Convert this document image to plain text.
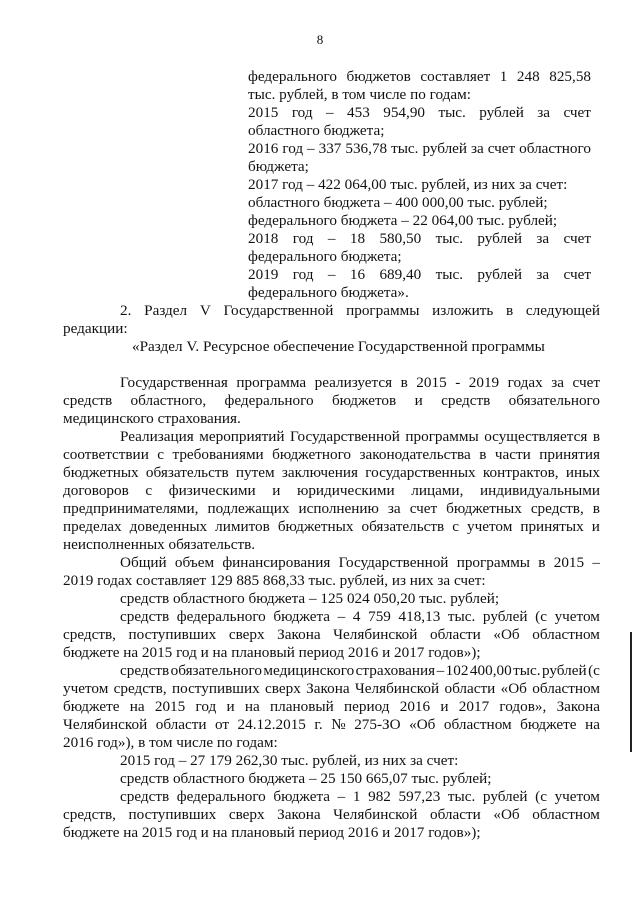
8
федерального бюджетов составляет 1 248 825,58
тыс. рублей, в том числе по годам:
2015 год – 453 954,90 тыс. рублей за счет
областного бюджета;
2016 год – 337 536,78 тыс. рублей за счет областного
бюджета;
2017 год – 422 064,00 тыс. рублей, из них за счет:
областного бюджета – 400 000,00 тыс. рублей;
федерального бюджета – 22 064,00 тыс. рублей;
2018 год – 18 580,50 тыс. рублей за счет
федерального бюджета;
2019 год – 16 689,40 тыс. рублей за счет
федерального бюджета».
2. Раздел V Государственной программы изложить в следующей
редакции:
«Раздел V. Ресурсное обеспечение Государственной программы
Государственная программа реализуется в 2015 - 2019 годах за счет
средств областного, федерального бюджетов и средств обязательного
медицинского страхования.
Реализация мероприятий Государственной программы осуществляется в
соответствии с требованиями бюджетного законодательства в части принятия
бюджетных обязательств путем заключения государственных контрактов, иных
договоров с физическими и юридическими лицами, индивидуальными
предпринимателями, подлежащих исполнению за счет бюджетных средств, в
пределах доведенных лимитов бюджетных обязательств с учетом принятых и
неисполненных обязательств.
Общий объем финансирования Государственной программы в 2015 –
2019 годах составляет 129 885 868,33 тыс. рублей, из них за счет:
средств областного бюджета – 125 024 050,20 тыс. рублей;
средств федерального бюджета – 4 759 418,13 тыс. рублей (с учетом
средств, поступивших сверх Закона Челябинской области «Об областном
бюджете на 2015 год и на плановый период 2016 и 2017 годов»);
средств обязательного медицинского страхования – 102 400,00 тыс. рублей (с
учетом средств, поступивших сверх Закона Челябинской области «Об областном
бюджете на 2015 год и на плановый период 2016 и 2017 годов», Закона
Челябинской области от 24.12.2015 г. № 275-ЗО «Об областном бюджете на
2016 год»), в том числе по годам:
2015 год – 27 179 262,30 тыс. рублей, из них за счет:
средств областного бюджета – 25 150 665,07 тыс. рублей;
средств федерального бюджета – 1 982 597,23 тыс. рублей (с учетом
средств, поступивших сверх Закона Челябинской области «Об областном
бюджете на 2015 год и на плановый период 2016 и 2017 годов»);
